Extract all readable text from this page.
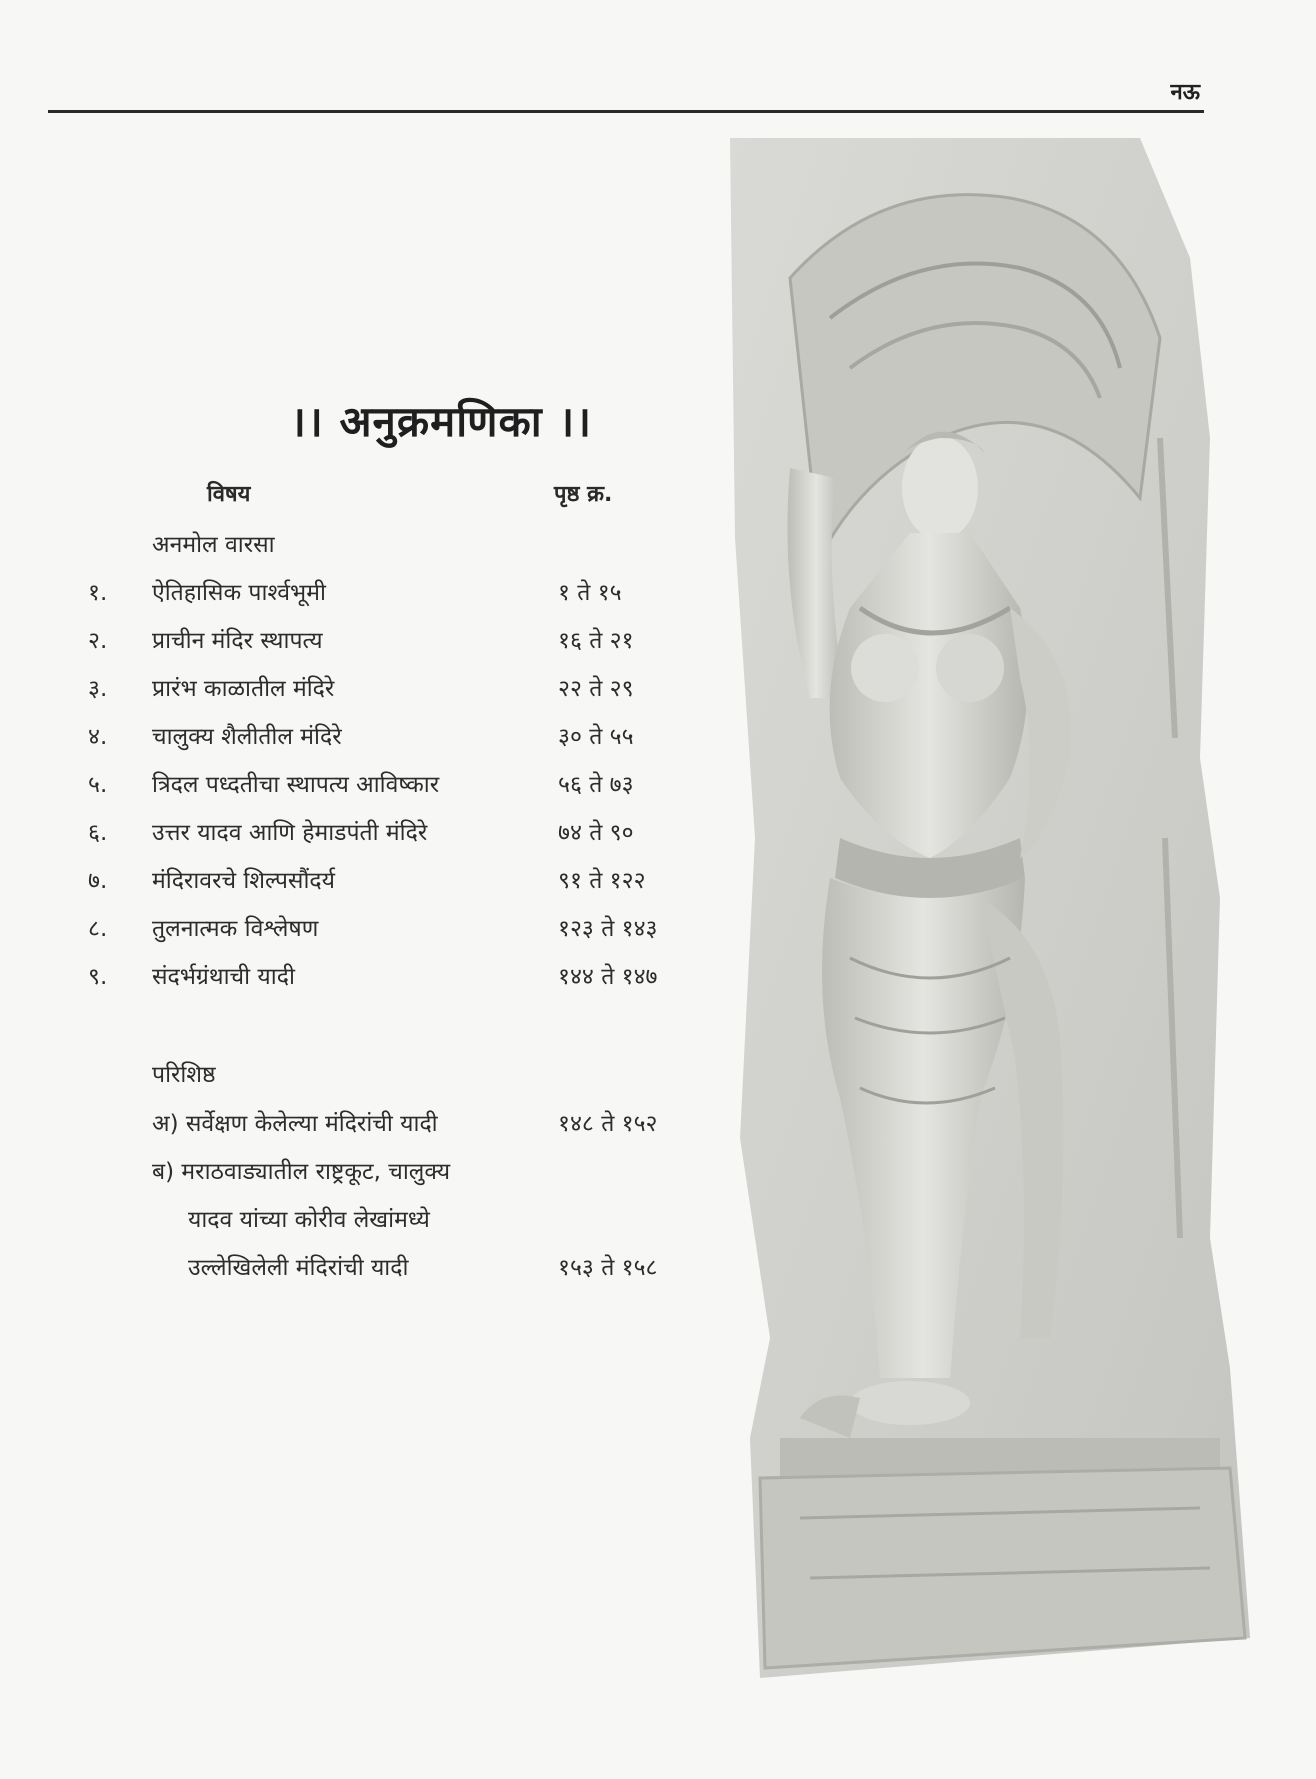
नऊ
।। अनुक्रमणिका ।।
विषय	पृष्ठ क्र.
अनमोल वारसा
१. ऐतिहासिक पार्श्वभूमी	१ ते १५
२. प्राचीन मंदिर स्थापत्य	१६ ते २१
३. प्रारंभ काळातील मंदिरे	२२ ते २९
४. चालुक्य शैलीतील मंदिरे	३० ते ५५
५. त्रिदल पध्दतीचा स्थापत्य आविष्कार	५६ ते ७३
६. उत्तर यादव आणि हेमाडपंती मंदिरे	७४ ते ९०
७. मंदिरावरचे शिल्पसौंदर्य	९१ ते १२२
८. तुलनात्मक विश्लेषण	१२३ ते १४३
९. संदर्भग्रंथाची यादी	१४४ ते १४७
परिशिष्ठ
अ) सर्वेक्षण केलेल्या मंदिरांची यादी	१४८ ते १५२
ब) मराठवाड्यातील राष्ट्रकूट, चालुक्य
यादव यांच्या कोरीव लेखांमध्ये
उल्लेखिलेली मंदिरांची यादी	१५३ ते १५८
